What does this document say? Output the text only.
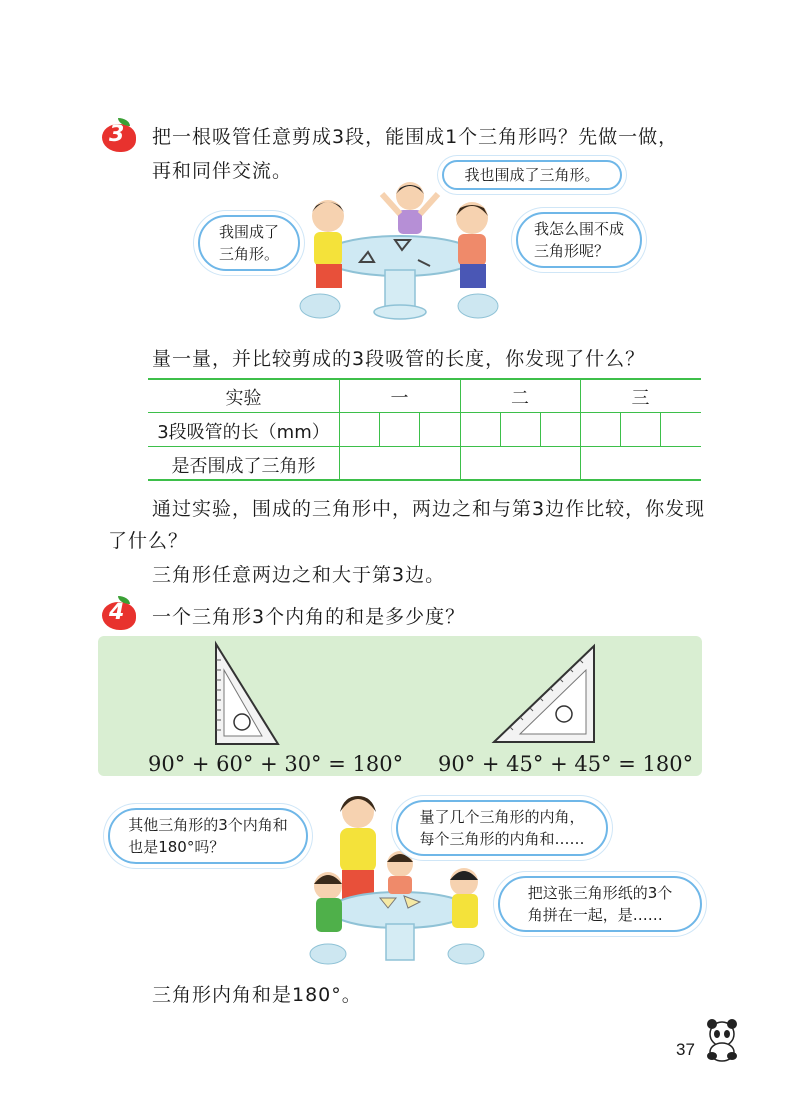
3 把一根吸管任意剪成3段，能围成1个三角形吗？先做一做，
再和同伴交流。
我围成了
三角形。
我也围成了三角形。
我怎么围不成
三角形呢？
量一量，并比较剪成的3段吸管的长度，你发现了什么？
实验	一	二	三
3段吸管的长（mm）
是否围成了三角形
通过实验，围成的三角形中，两边之和与第3边作比较，你发现
了什么？
三角形任意两边之和大于第3边。
4 一个三角形3个内角的和是多少度？
90° + 60° + 30° = 180° 90° + 45° + 45° = 180°
其他三角形的3个内角和
也是180°吗？
量了几个三角形的内角，
每个三角形的内角和……
把这张三角形纸的3个
角拼在一起，是……
三角形内角和是180°。
37
